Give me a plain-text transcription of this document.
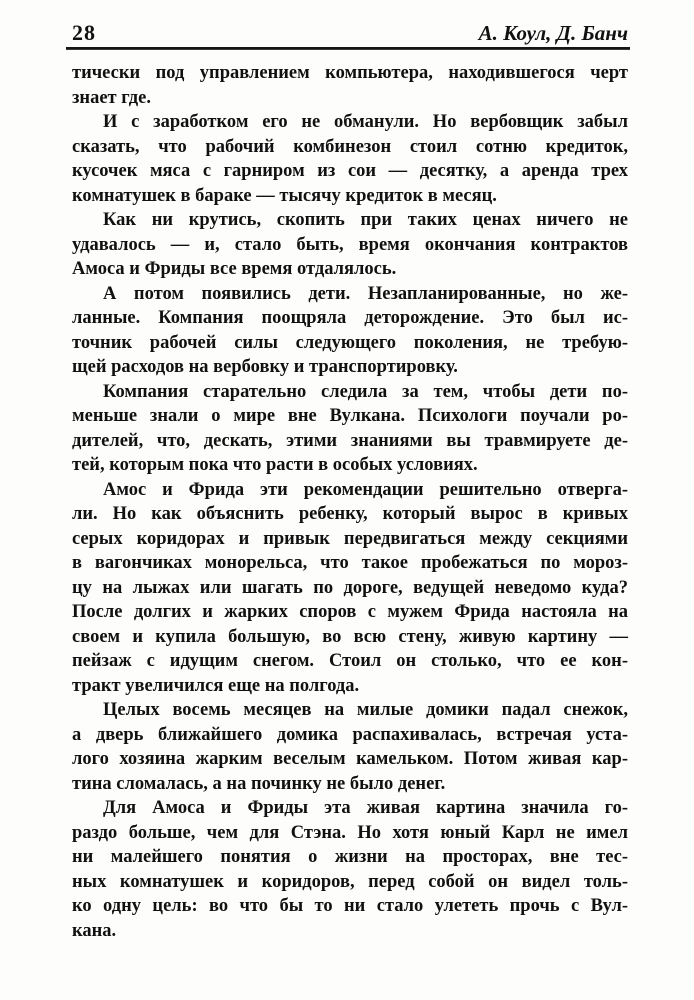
28	А. Коул, Д. Банч
тически под управлением компьютера, находившегося черт
знает где.
И с заработком его не обманули. Но вербовщик забыл
сказать, что рабочий комбинезон стоил сотню кредиток,
кусочек мяса с гарниром из сои — десятку, а аренда трех
комнатушек в бараке — тысячу кредиток в месяц.
Как ни крутись, скопить при таких ценах ничего не
удавалось — и, стало быть, время окончания контрактов
Амоса и Фриды все время отдалялось.
А потом появились дети. Незапланированные, но же-
ланные. Компания поощряла деторождение. Это был ис-
точник рабочей силы следующего поколения, не требую-
щей расходов на вербовку и транспортировку.
Компания старательно следила за тем, чтобы дети по-
меньше знали о мире вне Вулкана. Психологи поучали ро-
дителей, что, дескать, этими знаниями вы травмируете де-
тей, которым пока что расти в особых условиях.
Амос и Фрида эти рекомендации решительно отверга-
ли. Но как объяснить ребенку, который вырос в кривых
серых коридорах и привык передвигаться между секциями
в вагончиках монорельса, что такое пробежаться по мороз-
цу на лыжах или шагать по дороге, ведущей неведомо куда?
После долгих и жарких споров с мужем Фрида настояла на
своем и купила большую, во всю стену, живую картину —
пейзаж с идущим снегом. Стоил он столько, что ее кон-
тракт увеличился еще на полгода.
Целых восемь месяцев на милые домики падал снежок,
а дверь ближайшего домика распахивалась, встречая уста-
лого хозяина жарким веселым камельком. Потом живая кар-
тина сломалась, а на починку не было денег.
Для Амоса и Фриды эта живая картина значила го-
раздо больше, чем для Стэна. Но хотя юный Карл не имел
ни малейшего понятия о жизни на просторах, вне тес-
ных комнатушек и коридоров, перед собой он видел толь-
ко одну цель: во что бы то ни стало улететь прочь с Вул-
кана.
